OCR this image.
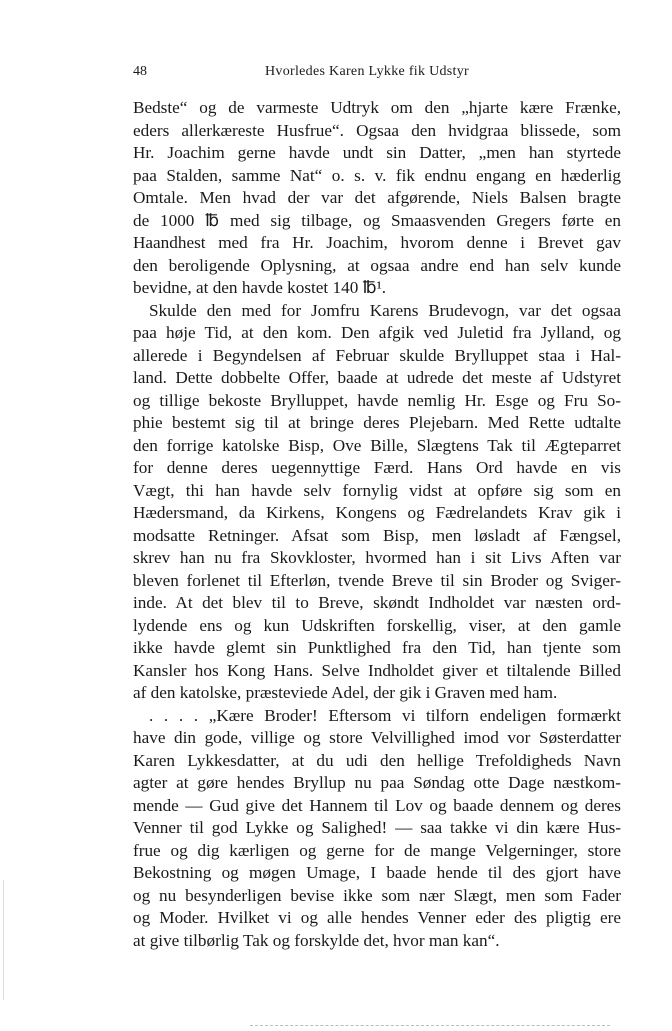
48	Hvorledes Karen Lykke fik Udstyr
Bedste“ og de varmeste Udtryk om den „hjarte kære Frænke,
eders allerkæreste Husfrue“. Ogsaa den hvidgraa blissede, som
Hr. Joachim gerne havde undt sin Datter, „men han styrtede
paa Stalden, samme Nat“ o. s. v. fik endnu engang en hæderlig
Omtale. Men hvad der var det afgørende, Niels Balsen bragte
de 1000 ℔ med sig tilbage, og Smaasvenden Gregers førte en
Haandhest med fra Hr. Joachim, hvorom denne i Brevet gav
den beroligende Oplysning, at ogsaa andre end han selv kunde
bevidne, at den havde kostet 140 ℔¹.
Skulde den med for Jomfru Karens Brudevogn, var det ogsaa
paa høje Tid, at den kom. Den afgik ved Juletid fra Jylland, og
allerede i Begyndelsen af Februar skulde Brylluppet staa i Hal-
land. Dette dobbelte Offer, baade at udrede det meste af Udstyret
og tillige bekoste Brylluppet, havde nemlig Hr. Esge og Fru So-
phie bestemt sig til at bringe deres Plejebarn. Med Rette udtalte
den forrige katolske Bisp, Ove Bille, Slægtens Tak til Ægteparret
for denne deres uegennyttige Færd. Hans Ord havde en vis
Vægt, thi han havde selv fornylig vidst at opføre sig som en
Hædersmand, da Kirkens, Kongens og Fædrelandets Krav gik i
modsatte Retninger. Afsat som Bisp, men løsladt af Fængsel,
skrev han nu fra Skovkloster, hvormed han i sit Livs Aften var
bleven forlenet til Efterløn, tvende Breve til sin Broder og Sviger-
inde. At det blev til to Breve, skøndt Indholdet var næsten ord-
lydende ens og kun Udskriften forskellig, viser, at den gamle
ikke havde glemt sin Punktlighed fra den Tid, han tjente som
Kansler hos Kong Hans. Selve Indholdet giver et tiltalende Billed
af den katolske, præsteviede Adel, der gik i Graven med ham.
. . . . „Kære Broder! Eftersom vi tilforn endeligen formærkt
have din gode, villige og store Velvillighed imod vor Søsterdatter
Karen Lykkesdatter, at du udi den hellige Trefoldigheds Navn
agter at gøre hendes Bryllup nu paa Søndag otte Dage næstkom-
mende — Gud give det Hannem til Lov og baade dennem og deres
Venner til god Lykke og Salighed! — saa takke vi din kære Hus-
frue og dig kærligen og gerne for de mange Velgerninger, store
Bekostning og møgen Umage, I baade hende til des gjort have
og nu besynderligen bevise ikke som nær Slægt, men som Fader
og Moder. Hvilket vi og alle hendes Venner eder des pligtig ere
at give tilbørlig Tak og forskylde det, hvor man kan“.
